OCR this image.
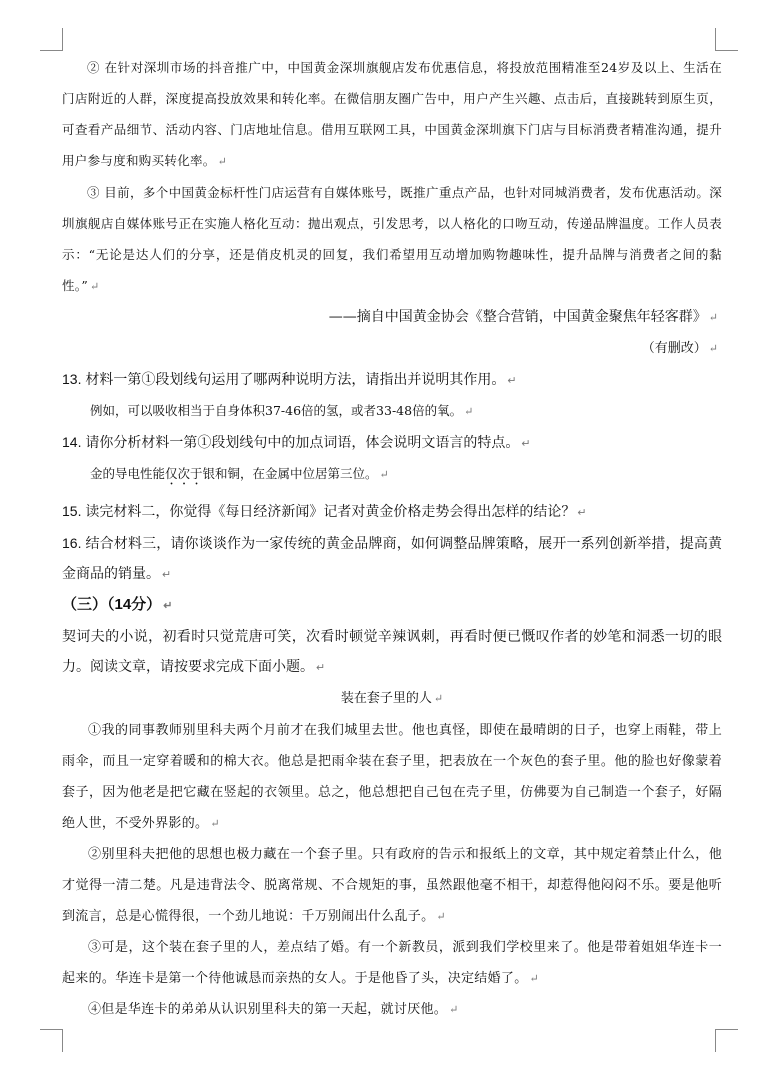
② 在针对深圳市场的抖音推广中，中国黄金深圳旗舰店发布优惠信息，将投放范围精准至24岁及以上、生活在门店附近的人群，深度提高投放效果和转化率。在微信朋友圈广告中，用户产生兴趣、点击后，直接跳转到原生页，可查看产品细节、活动内容、门店地址信息。借用互联网工具，中国黄金深圳旗下门店与目标消费者精准沟通，提升用户参与度和购买转化率。 ↵
③ 目前，多个中国黄金标杆性门店运营有自媒体账号，既推广重点产品，也针对同城消费者，发布优惠活动。深圳旗舰店自媒体账号正在实施人格化互动：抛出观点，引发思考，以人格化的口吻互动，传递品牌温度。工作人员表示：“无论是达人们的分享，还是俏皮机灵的回复，我们希望用互动增加购物趣味性，提升品牌与消费者之间的黏性。” ↵
——摘自中国黄金协会《整合营销，中国黄金聚焦年轻客群》 ↵
（有删改） ↵
13. 材料一第①段划线句运用了哪两种说明方法，请指出并说明其作用。 ↵
例如，可以吸收相当于自身体积37-46倍的氢，或者33-48倍的氧。 ↵
14. 请你分析材料一第①段划线句中的加点词语，体会说明文语言的特点。 ↵
金的导电性能仅次于银和铜，在金属中位居第三位。 ↵
15. 读完材料二，你觉得《每日经济新闻》记者对黄金价格走势会得出怎样的结论？ ↵
16. 结合材料三，请你谈谈作为一家传统的黄金品牌商，如何调整品牌策略，展开一系列创新举措，提高黄金商品的销量。 ↵
（三）（14分） ↵
契诃夫的小说，初看时只觉荒唐可笑，次看时顿觉辛辣讽刺，再看时便已慨叹作者的妙笔和洞悉一切的眼力。阅读文章，请按要求完成下面小题。 ↵
装在套子里的人 ↵
①我的同事教师别里科夫两个月前才在我们城里去世。他也真怪，即使在最晴朗的日子，也穿上雨鞋，带上雨伞，而且一定穿着暖和的棉大衣。他总是把雨伞装在套子里，把表放在一个灰色的套子里。他的脸也好像蒙着套子，因为他老是把它藏在竖起的衣领里。总之，他总想把自己包在壳子里，仿佛要为自己制造一个套子，好隔绝人世，不受外界影的。 ↵
②别里科夫把他的思想也极力藏在一个套子里。只有政府的告示和报纸上的文章，其中规定着禁止什么，他才觉得一清二楚。凡是违背法令、脱离常规、不合规矩的事，虽然跟他毫不相干，却惹得他闷闷不乐。要是他听到流言，总是心慌得很，一个劲儿地说：千万别闹出什么乱子。 ↵
③可是，这个装在套子里的人，差点结了婚。有一个新教员，派到我们学校里来了。他是带着姐姐华连卡一起来的。华连卡是第一个待他诚恳而亲热的女人。于是他昏了头，决定结婚了。 ↵
④但是华连卡的弟弟从认识别里科夫的第一天起，就讨厌他。 ↵
